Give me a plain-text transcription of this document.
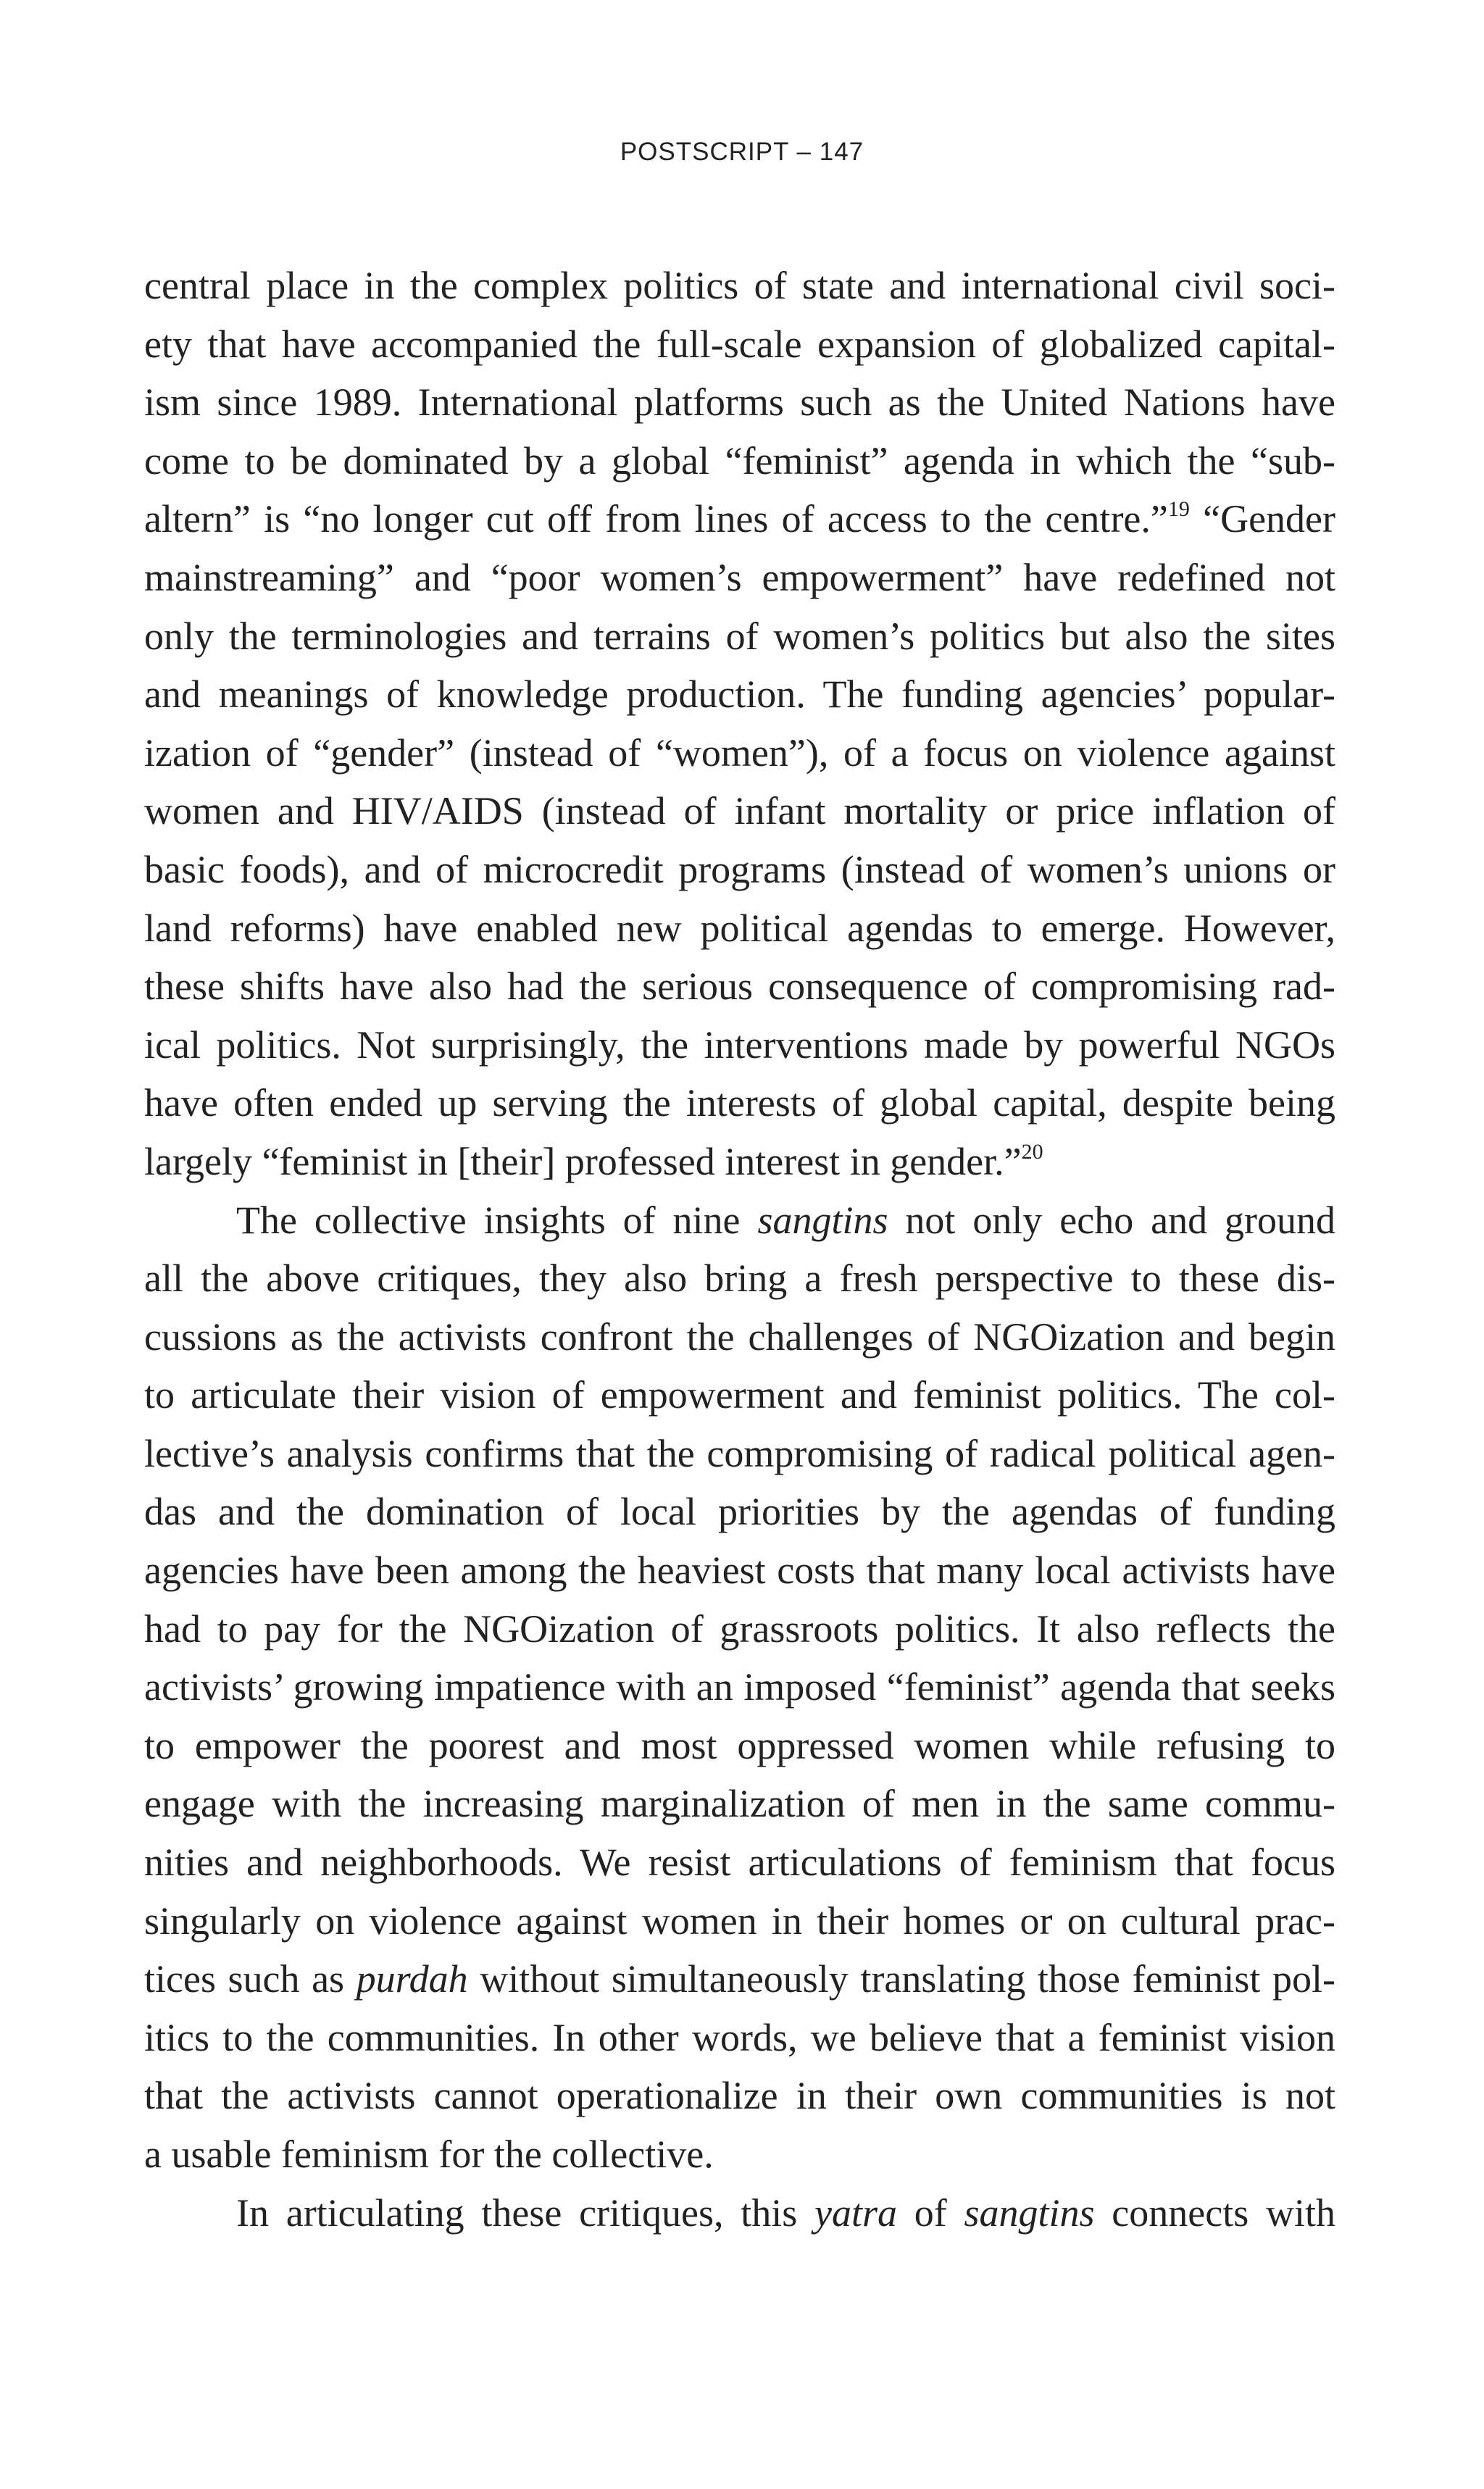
POSTSCRIPT – 147
central place in the complex politics of state and international civil soci-
ety that have accompanied the full-scale expansion of globalized capital-
ism since 1989. International platforms such as the United Nations have
come to be dominated by a global “feminist” agenda in which the “sub-
altern” is “no longer cut off from lines of access to the centre.”$^{19}$ “Gender
mainstreaming” and “poor women’s empowerment” have redefined not
only the terminologies and terrains of women’s politics but also the sites
and meanings of knowledge production. The funding agencies’ popular-
ization of “gender” (instead of “women”), of a focus on violence against
women and HIV/AIDS (instead of infant mortality or price inflation of
basic foods), and of microcredit programs (instead of women’s unions or
land reforms) have enabled new political agendas to emerge. However,
these shifts have also had the serious consequence of compromising rad-
ical politics. Not surprisingly, the interventions made by powerful NGOs
have often ended up serving the interests of global capital, despite being
largely “feminist in [their] professed interest in gender.”$^{20}$
The collective insights of nine sangtins not only echo and ground
all the above critiques, they also bring a fresh perspective to these dis-
cussions as the activists confront the challenges of NGOization and begin
to articulate their vision of empowerment and feminist politics. The col-
lective’s analysis confirms that the compromising of radical political agen-
das and the domination of local priorities by the agendas of funding
agencies have been among the heaviest costs that many local activists have
had to pay for the NGOization of grassroots politics. It also reflects the
activists’ growing impatience with an imposed “feminist” agenda that seeks
to empower the poorest and most oppressed women while refusing to
engage with the increasing marginalization of men in the same commu-
nities and neighborhoods. We resist articulations of feminism that focus
singularly on violence against women in their homes or on cultural prac-
tices such as purdah without simultaneously translating those feminist pol-
itics to the communities. In other words, we believe that a feminist vision
that the activists cannot operationalize in their own communities is not
a usable feminism for the collective.
In articulating these critiques, this yatra of sangtins connects with
